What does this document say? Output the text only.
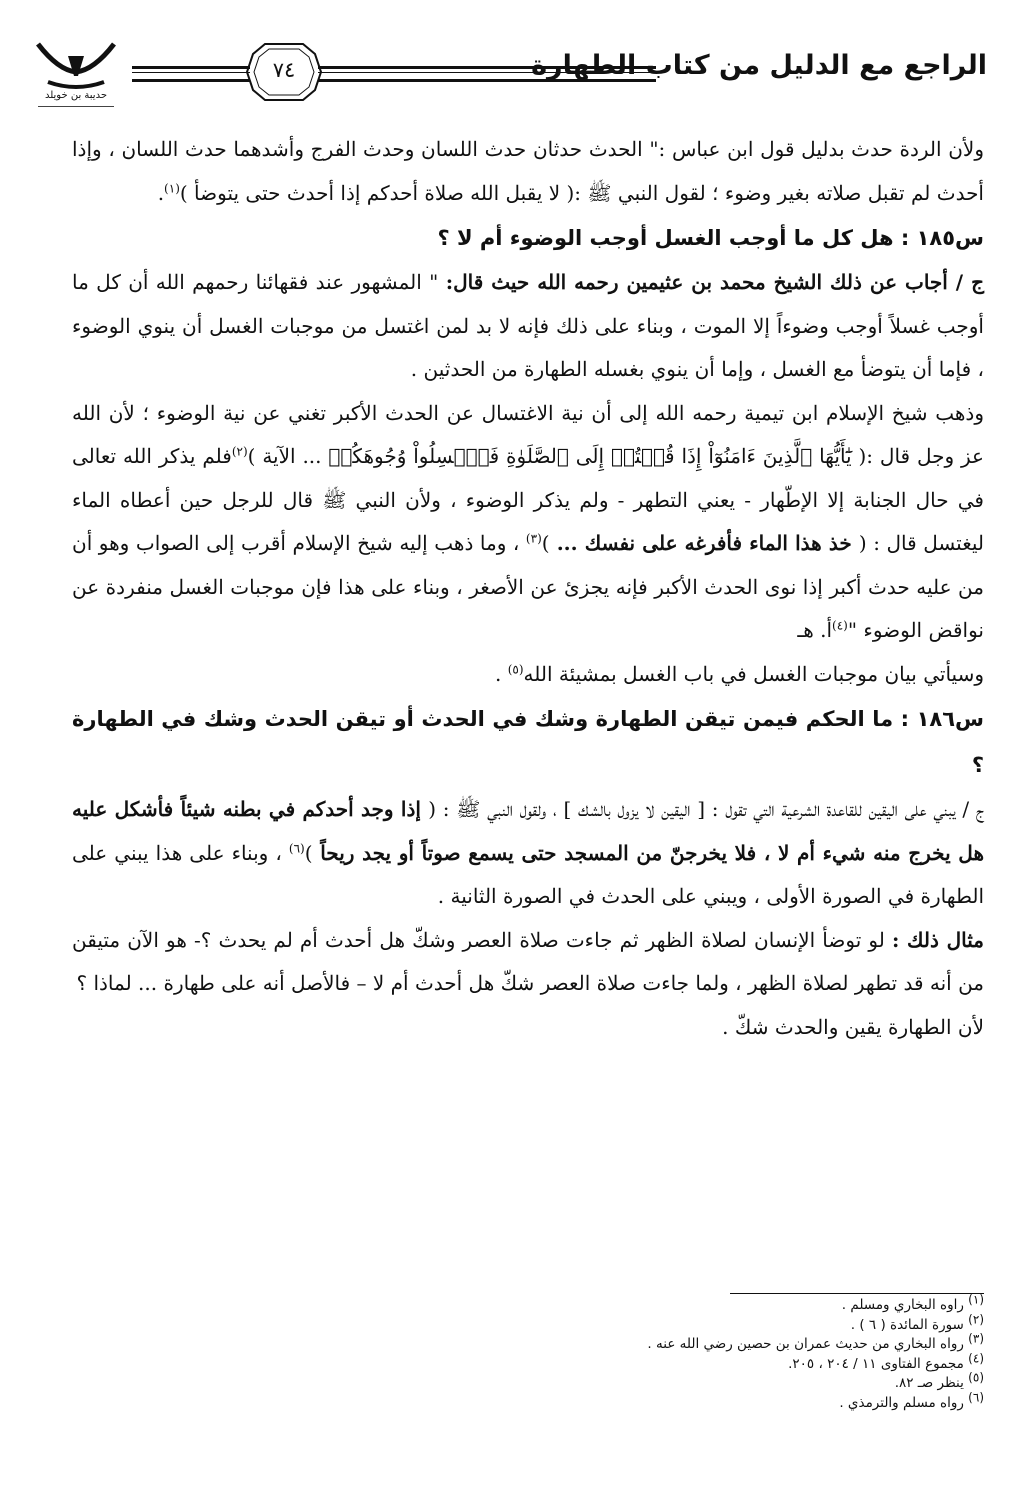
الراجع مع الدليل من كتاب الطهارة
٧٤
حديبة بن خويلد

ولأن الردة حدث بدليل قول ابن عباس :" الحدث حدثان حدث اللسان وحدث الفرج وأشدهما حدث اللسان ، وإذا أحدث لم تقبل صلاته بغير وضوء ؛ لقول النبي ﷺ :( لا يقبل الله صلاة أحدكم إذا أحدث حتى يتوضأ )$^{(١)}$.

س١٨٥ : هل كل ما أوجب الغسل أوجب الوضوء أم لا ؟

ج / أجاب عن ذلك الشيخ محمد بن عثيمين رحمه الله حيث قال: " المشهور عند فقهائنا رحمهم الله أن كل ما أوجب غسلاً أوجب وضوءاً إلا الموت ، وبناء على ذلك فإنه لا بد لمن اغتسل من موجبات الغسل أن ينوي الوضوء ، فإما أن يتوضأ مع الغسل ، وإما أن ينوي بغسله الطهارة من الحدثين .

وذهب شيخ الإسلام ابن تيمية رحمه الله إلى أن نية الاغتسال عن الحدث الأكبر تغني عن نية الوضوء ؛ لأن الله عز وجل قال :( يَٰٓأَيُّهَا ٱلَّذِينَ ءَامَنُوٓاْ إِذَا قُمۡتُمۡ إِلَى ٱلصَّلَوٰةِ فَٱغۡسِلُواْ وُجُوهَكُمۡ ... الآية )$^{(٢)}$فلم يذكر الله تعالى في حال الجنابة إلا الإطّهار - يعني التطهر - ولم يذكر الوضوء ، ولأن النبي ﷺ قال للرجل حين أعطاه الماء ليغتسل قال : ( خذ هذا الماء فأفرغه على نفسك ... )$^{(٣)}$ ، وما ذهب إليه شيخ الإسلام أقرب إلى الصواب وهو أن من عليه حدث أكبر إذا نوى الحدث الأكبر فإنه يجزئ عن الأصغر ، وبناء على هذا فإن موجبات الغسل منفردة عن نواقض الوضوء "$^{(٤)}$أ. هـ

وسيأتي بيان موجبات الغسل في باب الغسل بمشيئة الله$^{(٥)}$ .

س١٨٦ : ما الحكم فيمن تيقن الطهارة وشك في الحدث أو تيقن الحدث وشك في الطهارة ؟

ج / يبني على اليقين للقاعدة الشرعية التي تقول : [ اليقين لا يزول بالشك ] ، ولقول النبي ﷺ : ( إذا وجد أحدكم في بطنه شيئاً فأشكل عليه هل يخرج منه شيء أم لا ، فلا يخرجنّ من المسجد حتى يسمع صوتاً أو يجد ريحاً )$^{(٦)}$ ، وبناء على هذا يبني على الطهارة في الصورة الأولى ، ويبني على الحدث في الصورة الثانية .

مثال ذلك : لو توضأ الإنسان لصلاة الظهر ثم جاءت صلاة العصر وشكّ هل أحدث أم لم يحدث ؟- هو الآن متيقن من أنه قد تطهر لصلاة الظهر ، ولما جاءت صلاة العصر شكّ هل أحدث أم لا – فالأصل أنه على طهارة ... لماذا ؟

لأن الطهارة يقين والحدث شكّ .

$^{(١)}$ راوه البخاري ومسلم .
$^{(٢)}$ سورة المائدة ( ٦ ) .
$^{(٣)}$ رواه البخاري من حديث عمران بن حصين رضي الله عنه .
$^{(٤)}$ مجموع الفتاوى ١١ / ٢٠٤ ، ٢٠٥.
$^{(٥)}$ ينظر صـ ٨٢.
$^{(٦)}$ رواه مسلم والترمذي .
